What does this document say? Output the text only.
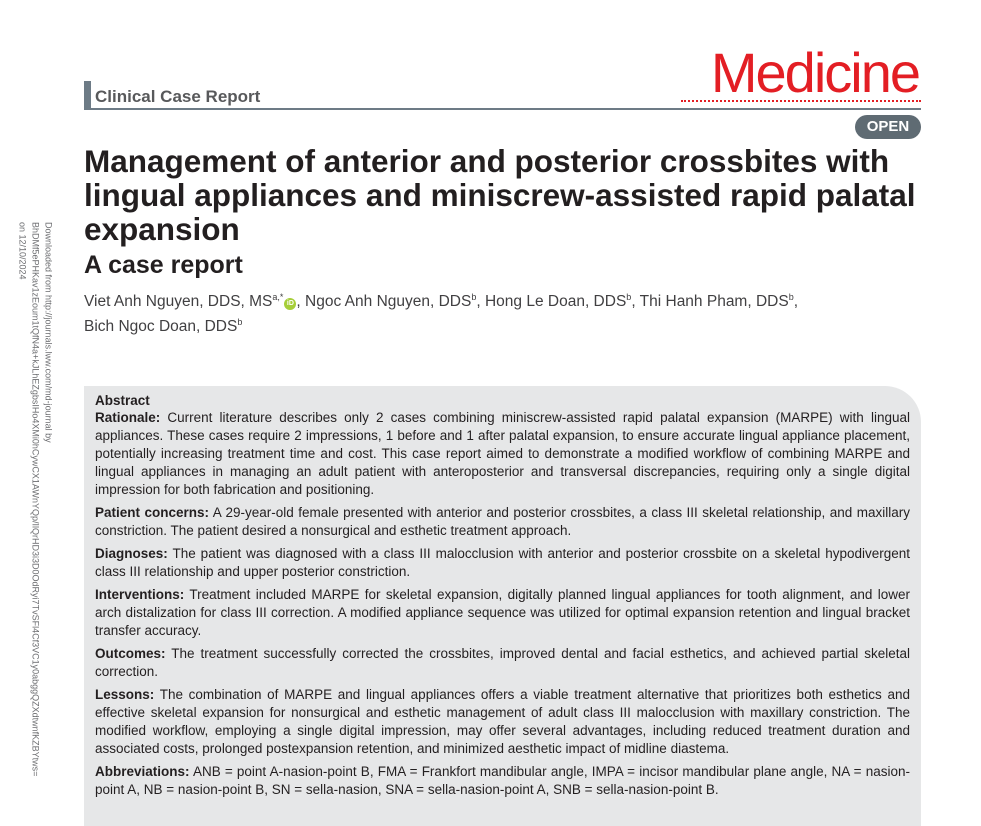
Downloaded from http://journals.lww.com/md-journal by BhDMf5ePHKav1zEoum1tQfN4a+kJLhEZgbsIHo4XMi0hCywCX1AWnYQp/IlQrHD3i3D0OdRyi7TvSFl4Cf3VC1y0abggQZXdtwnfKZBYtws= on 12/10/2024
Clinical Case Report	Medicine
OPEN
Management of anterior and posterior crossbites with lingual appliances and miniscrew-assisted rapid palatal expansion
A case report
Viet Anh Nguyen, DDS, $MS^{a,*}iD$ , Ngoc Anh Nguyen, DDS$^b$, Hong Le Doan, DDS$^b$, Thi Hanh Pham, DDS$^b$,
Bich Ngoc Doan, DDS$^b$
Abstract

Rationale: Current literature describes only 2 cases combining miniscrew-assisted rapid palatal expansion (MARPE) with lingual appliances. These cases require 2 impressions, 1 before and 1 after palatal expansion, to ensure accurate lingual appliance placement, potentially increasing treatment time and cost. This case report aimed to demonstrate a modified workflow of combining MARPE and lingual appliances in managing an adult patient with anteroposterior and transversal discrepancies, requiring only a single digital impression for both fabrication and positioning.

Patient concerns: A 29-year-old female presented with anterior and posterior crossbites, a class III skeletal relationship, and maxillary constriction. The patient desired a nonsurgical and esthetic treatment approach.

Diagnoses: The patient was diagnosed with a class III malocclusion with anterior and posterior crossbite on a skeletal hypodivergent class III relationship and upper posterior constriction.

Interventions: Treatment included MARPE for skeletal expansion, digitally planned lingual appliances for tooth alignment, and lower arch distalization for class III correction. A modified appliance sequence was utilized for optimal expansion retention and lingual bracket transfer accuracy.

Outcomes: The treatment successfully corrected the crossbites, improved dental and facial esthetics, and achieved partial skeletal correction.

Lessons: The combination of MARPE and lingual appliances offers a viable treatment alternative that prioritizes both esthetics and effective skeletal expansion for nonsurgical and esthetic management of adult class III malocclusion with maxillary constriction. The modified workflow, employing a single digital impression, may offer several advantages, including reduced treatment duration and associated costs, prolonged postexpansion retention, and minimized aesthetic impact of midline diastema.

Abbreviations: ANB = point A-nasion-point B, FMA = Frankfort mandibular angle, IMPA = incisor mandibular plane angle, NA = nasion-point A, NB = nasion-point B, SN = sella-nasion, SNA = sella-nasion-point A, SNB = sella-nasion-point B.
